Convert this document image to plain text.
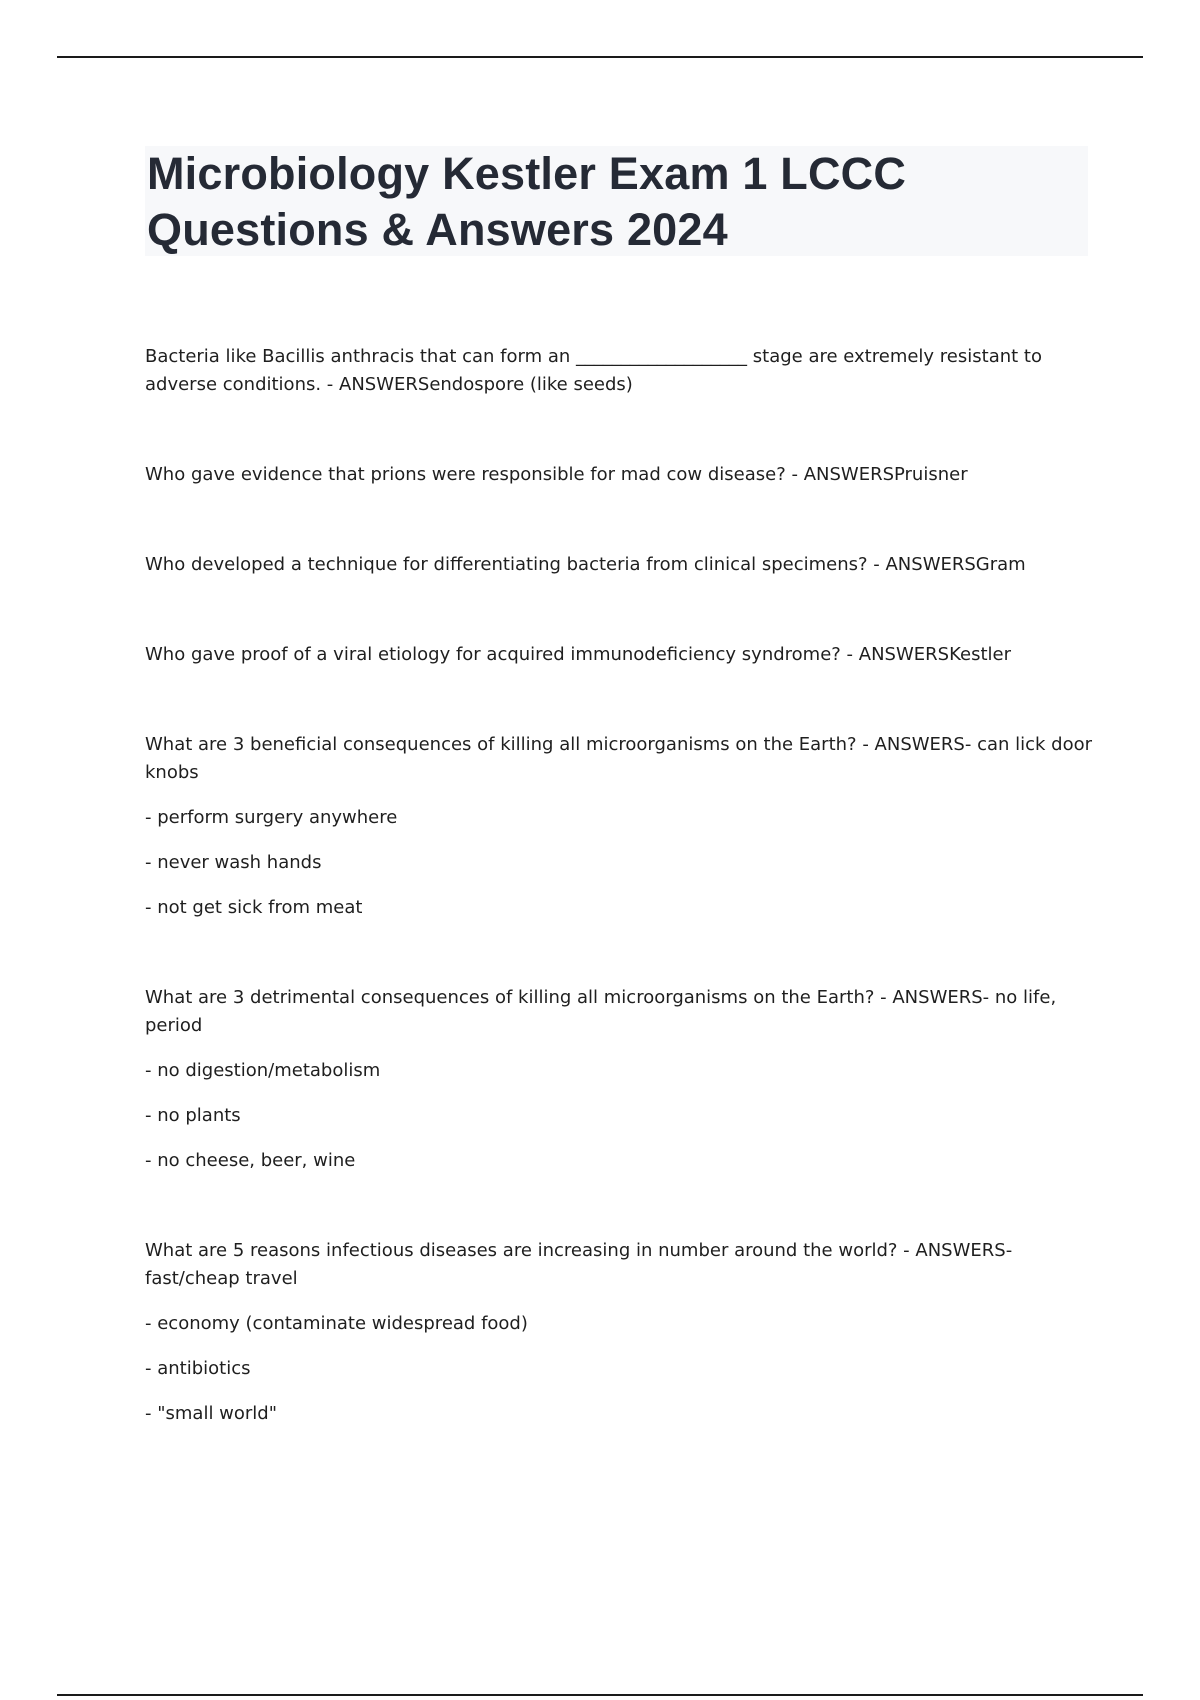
Microbiology Kestler Exam 1 LCCC Questions & Answers 2024

Bacteria like Bacillis anthracis that can form an ___________________ stage are extremely resistant to adverse conditions. - ANSWERSendospore (like seeds)

Who gave evidence that prions were responsible for mad cow disease? - ANSWERSPruisner

Who developed a technique for differentiating bacteria from clinical specimens? - ANSWERSGram

Who gave proof of a viral etiology for acquired immunodeficiency syndrome? - ANSWERSKestler

What are 3 beneficial consequences of killing all microorganisms on the Earth? - ANSWERS- can lick door knobs

- perform surgery anywhere

- never wash hands

- not get sick from meat

What are 3 detrimental consequences of killing all microorganisms on the Earth? - ANSWERS- no life, period

- no digestion/metabolism

- no plants

- no cheese, beer, wine

What are 5 reasons infectious diseases are increasing in number around the world? - ANSWERS- fast/cheap travel

- economy (contaminate widespread food)

- antibiotics

- "small world"
